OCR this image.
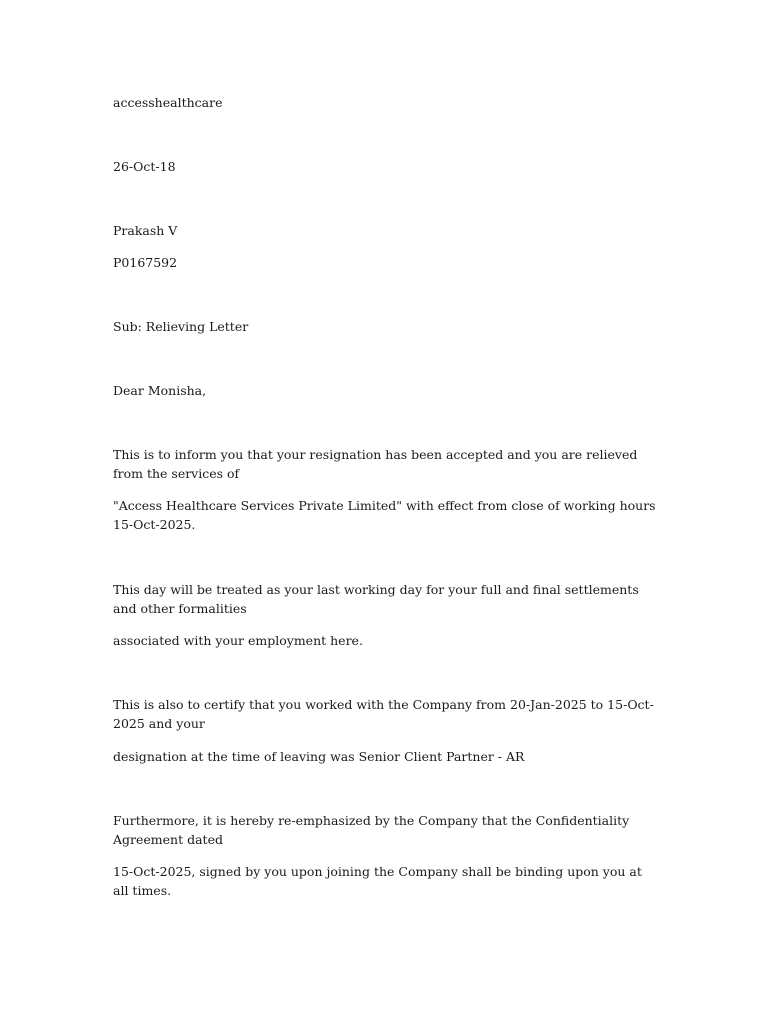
accesshealthcare

26-Oct-18

Prakash V

P0167592

Sub: Relieving Letter

Dear Monisha,

This is to inform you that your resignation has been accepted and you are relieved from the services of

"Access Healthcare Services Private Limited" with effect from close of working hours 15-Oct-2025.

This day will be treated as your last working day for your full and final settlements and other formalities

associated with your employment here.

This is also to certify that you worked with the Company from 20-Jan-2025 to 15-Oct-2025 and your

designation at the time of leaving was Senior Client Partner - AR

Furthermore, it is hereby re-emphasized by the Company that the Confidentiality Agreement dated

15-Oct-2025, signed by you upon joining the Company shall be binding upon you at all times.
